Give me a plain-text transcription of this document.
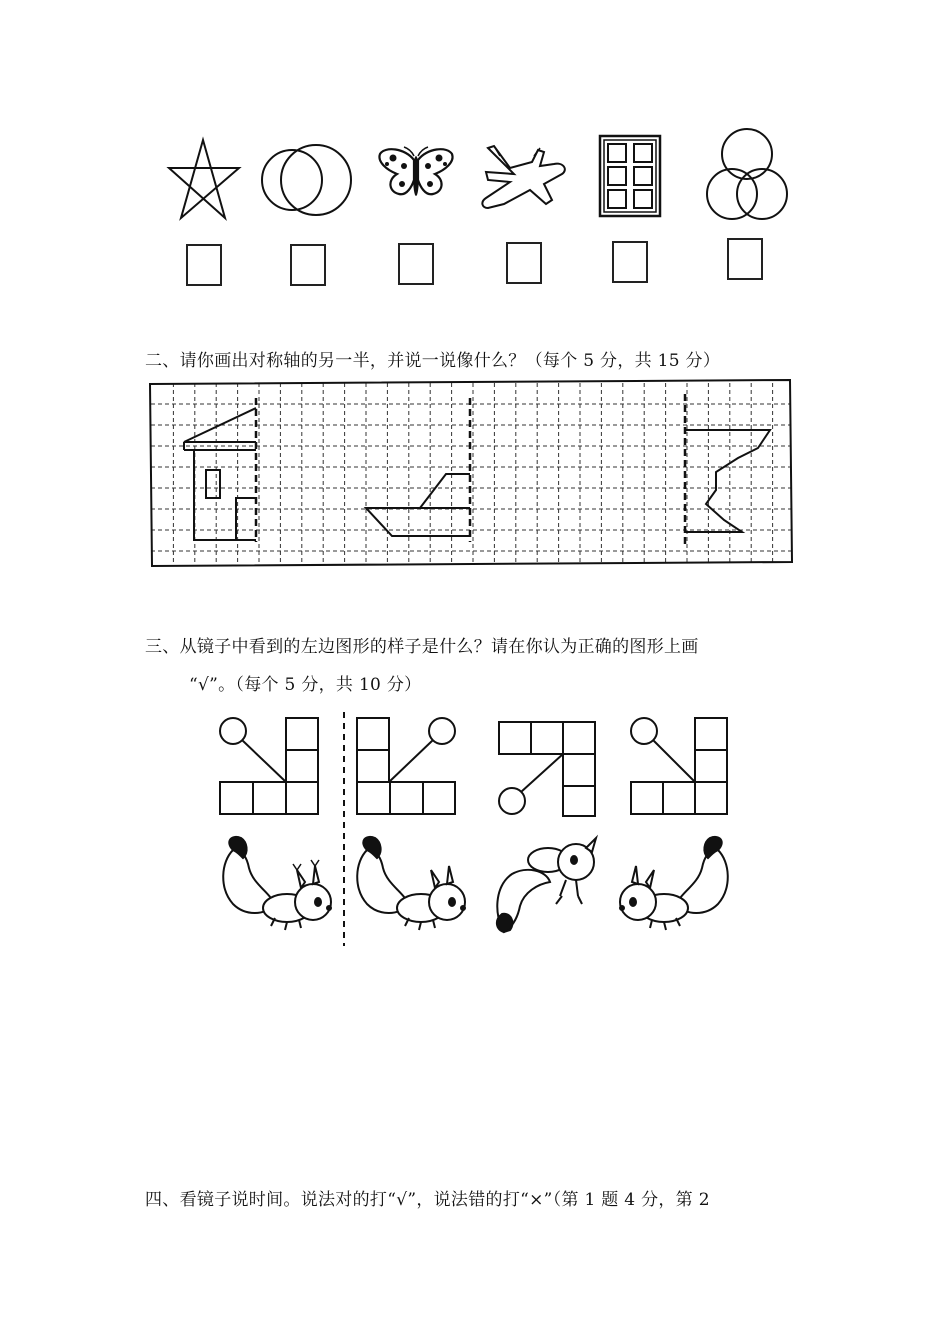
二、请你画出对称轴的另一半，并说一说像什么？（每个 5 分，共 15 分）
三、从镜子中看到的左边图形的样子是什么？请在你认为正确的图形上画
“√”。（每个 5 分，共 10 分）
四、看镜子说时间。说法对的打“√”，说法错的打“×”（第 1 题 4 分，第 2
